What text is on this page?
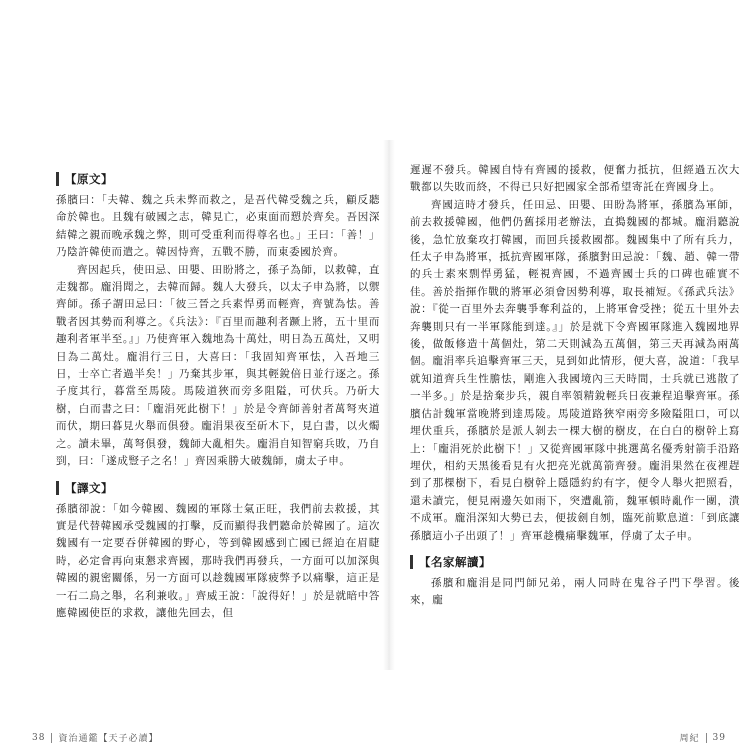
【原文】

孫臏曰：「夫韓、魏之兵未弊而救之，是吾代韓受魏之兵，顧反聽命於韓也。且魏有破國之志，韓見亡，必東面而愬於齊矣。吾因深結韓之親而晚承魏之弊，則可受重利而得尊名也。」王曰：「善！」乃陰許韓使而遣之。韓因恃齊，五戰不勝，而東委國於齊。

齊因起兵，使田忌、田嬰、田盼將之，孫子為師，以救韓，直走魏都。龐涓聞之，去韓而歸。魏人大發兵，以太子申為將，以禦齊師。孫子謂田忌曰：「彼三晉之兵素悍勇而輕齊，齊號為怯。善戰者因其勢而利導之。《兵法》：『百里而趣利者蹶上將，五十里而趣利者軍半至。』」乃使齊軍入魏地為十萬灶，明日為五萬灶，又明日為二萬灶。龐涓行三日，大喜曰：「我固知齊軍怯，入吾地三日，士卒亡者過半矣！」乃棄其步軍，與其輕銳倍日並行逐之。孫子度其行，暮當至馬陵。馬陵道狹而旁多阻隘，可伏兵。乃斫大樹，白而書之曰：「龐涓死此樹下！」於是令齊師善射者萬弩夾道而伏，期曰暮見火舉而俱發。龐涓果夜至斫木下，見白書，以火燭之。讀未畢，萬弩俱發，魏師大亂相失。龐涓自知智窮兵敗，乃自剄，曰：「遂成豎子之名！」齊因乘勝大破魏師，虜太子申。

【譯文】

孫臏卻說：「如今韓國、魏國的軍隊士氣正旺，我們前去救援，其實是代替韓國承受魏國的打擊，反而顯得我們聽命於韓國了。這次魏國有一定要吞併韓國的野心，等到韓國感到亡國已經迫在眉睫時，必定會再向東懇求齊國，那時我們再發兵，一方面可以加深與韓國的親密關係，另一方面可以趁魏國軍隊疲弊予以痛擊，這正是一石二鳥之舉，名利兼收。」齊威王說：「說得好！」於是就暗中答應韓國使臣的求救，讓他先回去，但

38 資治通鑑【天子必讀】

遲遲不發兵。韓國自恃有齊國的援救，便奮力抵抗，但經過五次大戰都以失敗而終，不得已只好把國家全部希望寄託在齊國身上。

齊國這時才發兵，任田忌、田嬰、田盼為將軍，孫臏為軍師，前去救援韓國，他們仍舊採用老辦法，直搗魏國的都城。龐涓聽說後，急忙放棄攻打韓國，而回兵援救國都。魏國集中了所有兵力，任太子申為將軍，抵抗齊國軍隊，孫臏對田忌說：「魏、趙、韓一帶的兵士素來剽悍勇猛，輕視齊國，不過齊國士兵的口碑也確實不佳。善於指揮作戰的將軍必須會因勢利導，取長補短。《孫武兵法》說：『從一百里外去奔襲爭奪利益的，上將軍會受挫；從五十里外去奔襲則只有一半軍隊能到達。』」於是就下令齊國軍隊進入魏國地界後，做飯修造十萬個灶，第二天則減為五萬個，第三天再減為兩萬個。龐涓率兵追擊齊軍三天，見到如此情形，便大喜，說道：「我早就知道齊兵生性膽怯，剛進入我國境內三天時間，士兵就已逃散了一半多。」於是捨棄步兵，親自率領精銳輕兵日夜兼程追擊齊軍。孫臏估計魏軍當晚將到達馬陵。馬陵道路狹窄兩旁多險隘阻口，可以埋伏重兵，孫臏於是派人剝去一棵大樹的樹皮，在白白的樹幹上寫上：「龐涓死於此樹下！」又從齊國軍隊中挑選萬名優秀射箭手沿路埋伏，相約天黑後看見有火把亮光就萬箭齊發。龐涓果然在夜裡趕到了那棵樹下，看見白樹幹上隱隱約約有字，便令人舉火把照看，還未讀完，便見兩邊矢如雨下，突遭亂箭，魏軍頓時亂作一團，潰不成軍。龐涓深知大勢已去，便拔劍自刎，臨死前歎息道：「到底讓孫臏這小子出頭了！」齊軍趁機痛擊魏軍，俘虜了太子申。

【名家解讀】

孫臏和龐涓是同門師兄弟，兩人同時在鬼谷子門下學習。後來，龐

周紀 39
